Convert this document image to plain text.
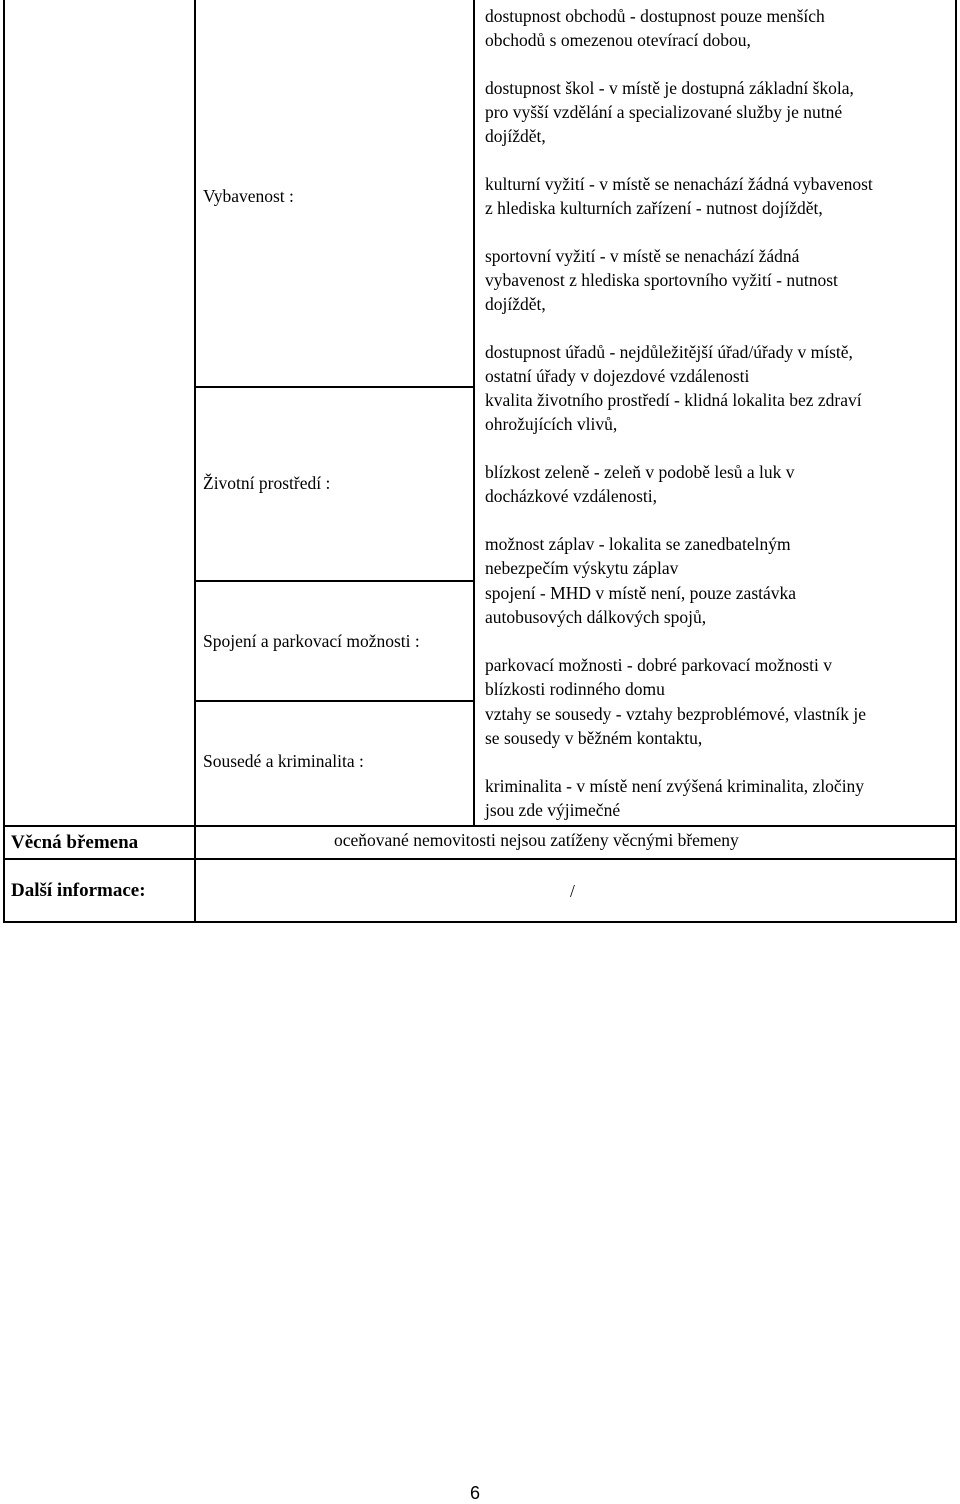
Vybavenost :
Životní prostředí :
Spojení a parkovací možnosti :
Sousedé a kriminalita :
Věcná břemena
Další informace:
dostupnost obchodů - dostupnost pouze menších
obchodů s omezenou otevírací dobou,
dostupnost škol - v místě je dostupná základní škola,
pro vyšší vzdělání a specializované služby je nutné
dojíždět,
kulturní vyžití - v místě se nenachází žádná vybavenost
z hlediska kulturních zařízení - nutnost dojíždět,
sportovní vyžití - v místě se nenachází žádná
vybavenost z hlediska sportovního vyžití - nutnost
dojíždět,
dostupnost úřadů - nejdůležitější úřad/úřady v místě,
ostatní úřady v dojezdové vzdálenosti
kvalita životního prostředí - klidná lokalita bez zdraví
ohrožujících vlivů,
blízkost zeleně - zeleň v podobě lesů a luk v
docházkové vzdálenosti,
možnost záplav - lokalita se zanedbatelným
nebezpečím výskytu záplav
spojení - MHD v místě není, pouze zastávka
autobusových dálkových spojů,
parkovací možnosti - dobré parkovací možnosti v
blízkosti rodinného domu
vztahy se sousedy - vztahy bezproblémové, vlastník je
se sousedy v běžném kontaktu,
kriminalita - v místě není zvýšená kriminalita, zločiny
jsou zde výjimečné
oceňované nemovitosti nejsou zatíženy věcnými břemeny
/
6
